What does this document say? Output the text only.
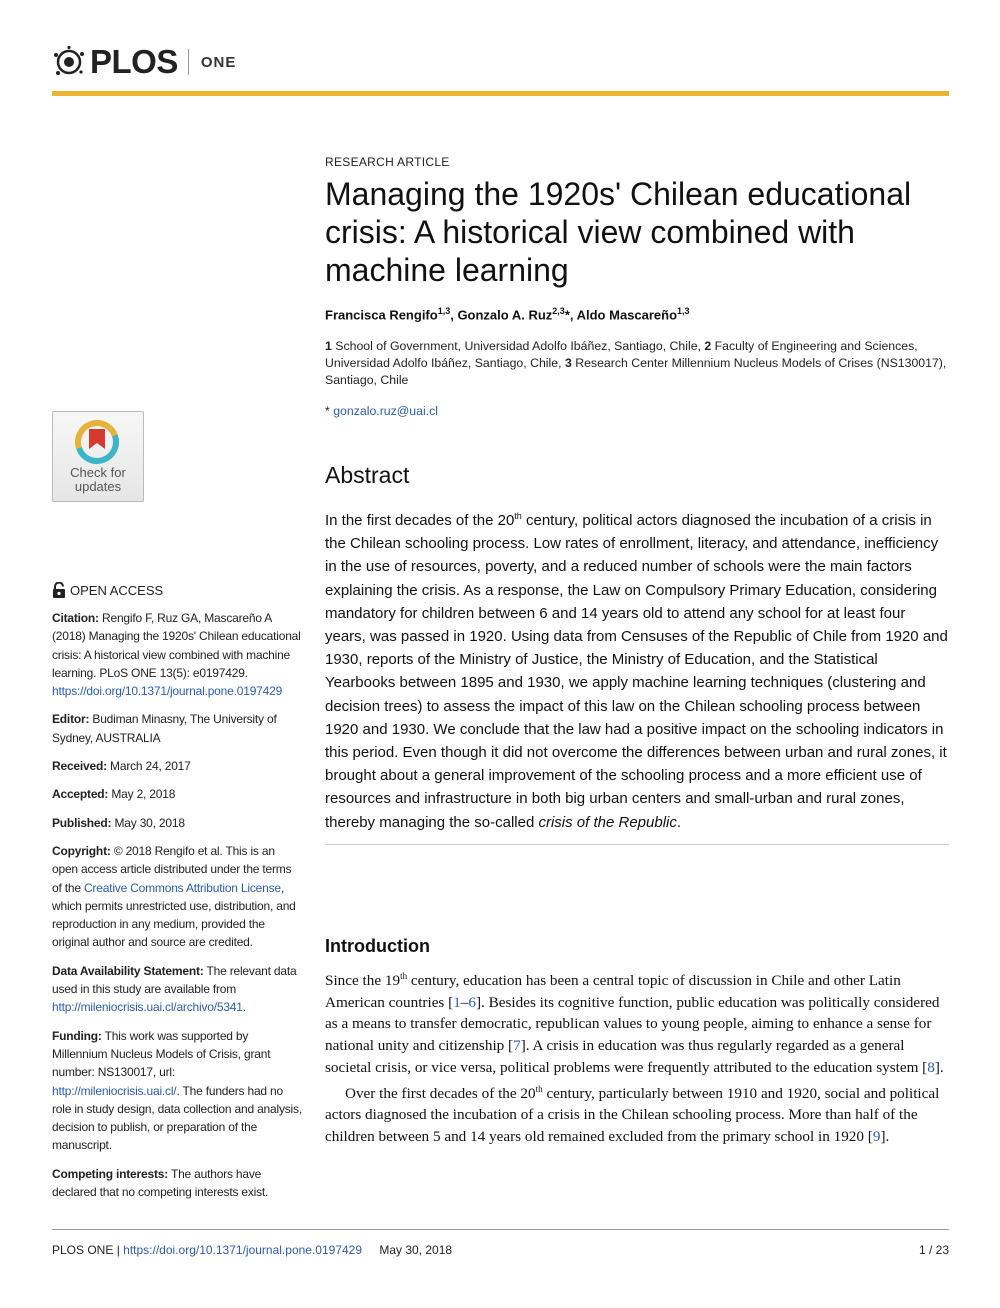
PLOS ONE
Check for
updates
OPEN ACCESS

Citation: Rengifo F, Ruz GA, Mascareño A (2018) Managing the 1920s' Chilean educational crisis: A historical view combined with machine learning. PLoS ONE 13(5): e0197429. https://doi.org/10.1371/journal.pone.0197429

Editor: Budiman Minasny, The University of Sydney, AUSTRALIA

Received: March 24, 2017

Accepted: May 2, 2018

Published: May 30, 2018

Copyright: © 2018 Rengifo et al. This is an open access article distributed under the terms of the Creative Commons Attribution License, which permits unrestricted use, distribution, and reproduction in any medium, provided the original author and source are credited.

Data Availability Statement: The relevant data used in this study are available from http://mileniocrisis.uai.cl/archivo/5341.

Funding: This work was supported by Millennium Nucleus Models of Crisis, grant number: NS130017, url: http://mileniocrisis.uai.cl/. The funders had no role in study design, data collection and analysis, decision to publish, or preparation of the manuscript.

Competing interests: The authors have declared that no competing interests exist.

RESEARCH ARTICLE
Managing the 1920s' Chilean educational crisis: A historical view combined with machine learning
Francisca Rengifo$^{1,3}$, Gonzalo A. Ruz$^{2,3}$*, Aldo Mascareño$^{1,3}$
1 School of Government, Universidad Adolfo Ibáñez, Santiago, Chile, 2 Faculty of Engineering and Sciences, Universidad Adolfo Ibáñez, Santiago, Chile, 3 Research Center Millennium Nucleus Models of Crises (NS130017), Santiago, Chile
* gonzalo.ruz@uai.cl
Abstract
In the first decades of the 20th century, political actors diagnosed the incubation of a crisis in the Chilean schooling process. Low rates of enrollment, literacy, and attendance, inefficiency in the use of resources, poverty, and a reduced number of schools were the main factors explaining the crisis. As a response, the Law on Compulsory Primary Education, considering mandatory for children between 6 and 14 years old to attend any school for at least four years, was passed in 1920. Using data from Censuses of the Republic of Chile from 1920 and 1930, reports of the Ministry of Justice, the Ministry of Education, and the Statistical Yearbooks between 1895 and 1930, we apply machine learning techniques (clustering and decision trees) to assess the impact of this law on the Chilean schooling process between 1920 and 1930. We conclude that the law had a positive impact on the schooling indicators in this period. Even though it did not overcome the differences between urban and rural zones, it brought about a general improvement of the schooling process and a more efficient use of resources and infrastructure in both big urban centers and small-urban and rural zones, thereby managing the so-called crisis of the Republic.
Introduction

Since the 19th century, education has been a central topic of discussion in Chile and other Latin American countries [1–6]. Besides its cognitive function, public education was politically considered as a means to transfer democratic, republican values to young people, aiming to enhance a sense for national unity and citizenship [7]. A crisis in education was thus regularly regarded as a general societal crisis, or vice versa, political problems were frequently attributed to the education system [8].

Over the first decades of the 20th century, particularly between 1910 and 1920, social and political actors diagnosed the incubation of a crisis in the Chilean schooling process. More than half of the children between 5 and 14 years old remained excluded from the primary school in 1920 [9].

PLOS ONE | https://doi.org/10.1371/journal.pone.0197429 May 30, 2018	1 / 23
